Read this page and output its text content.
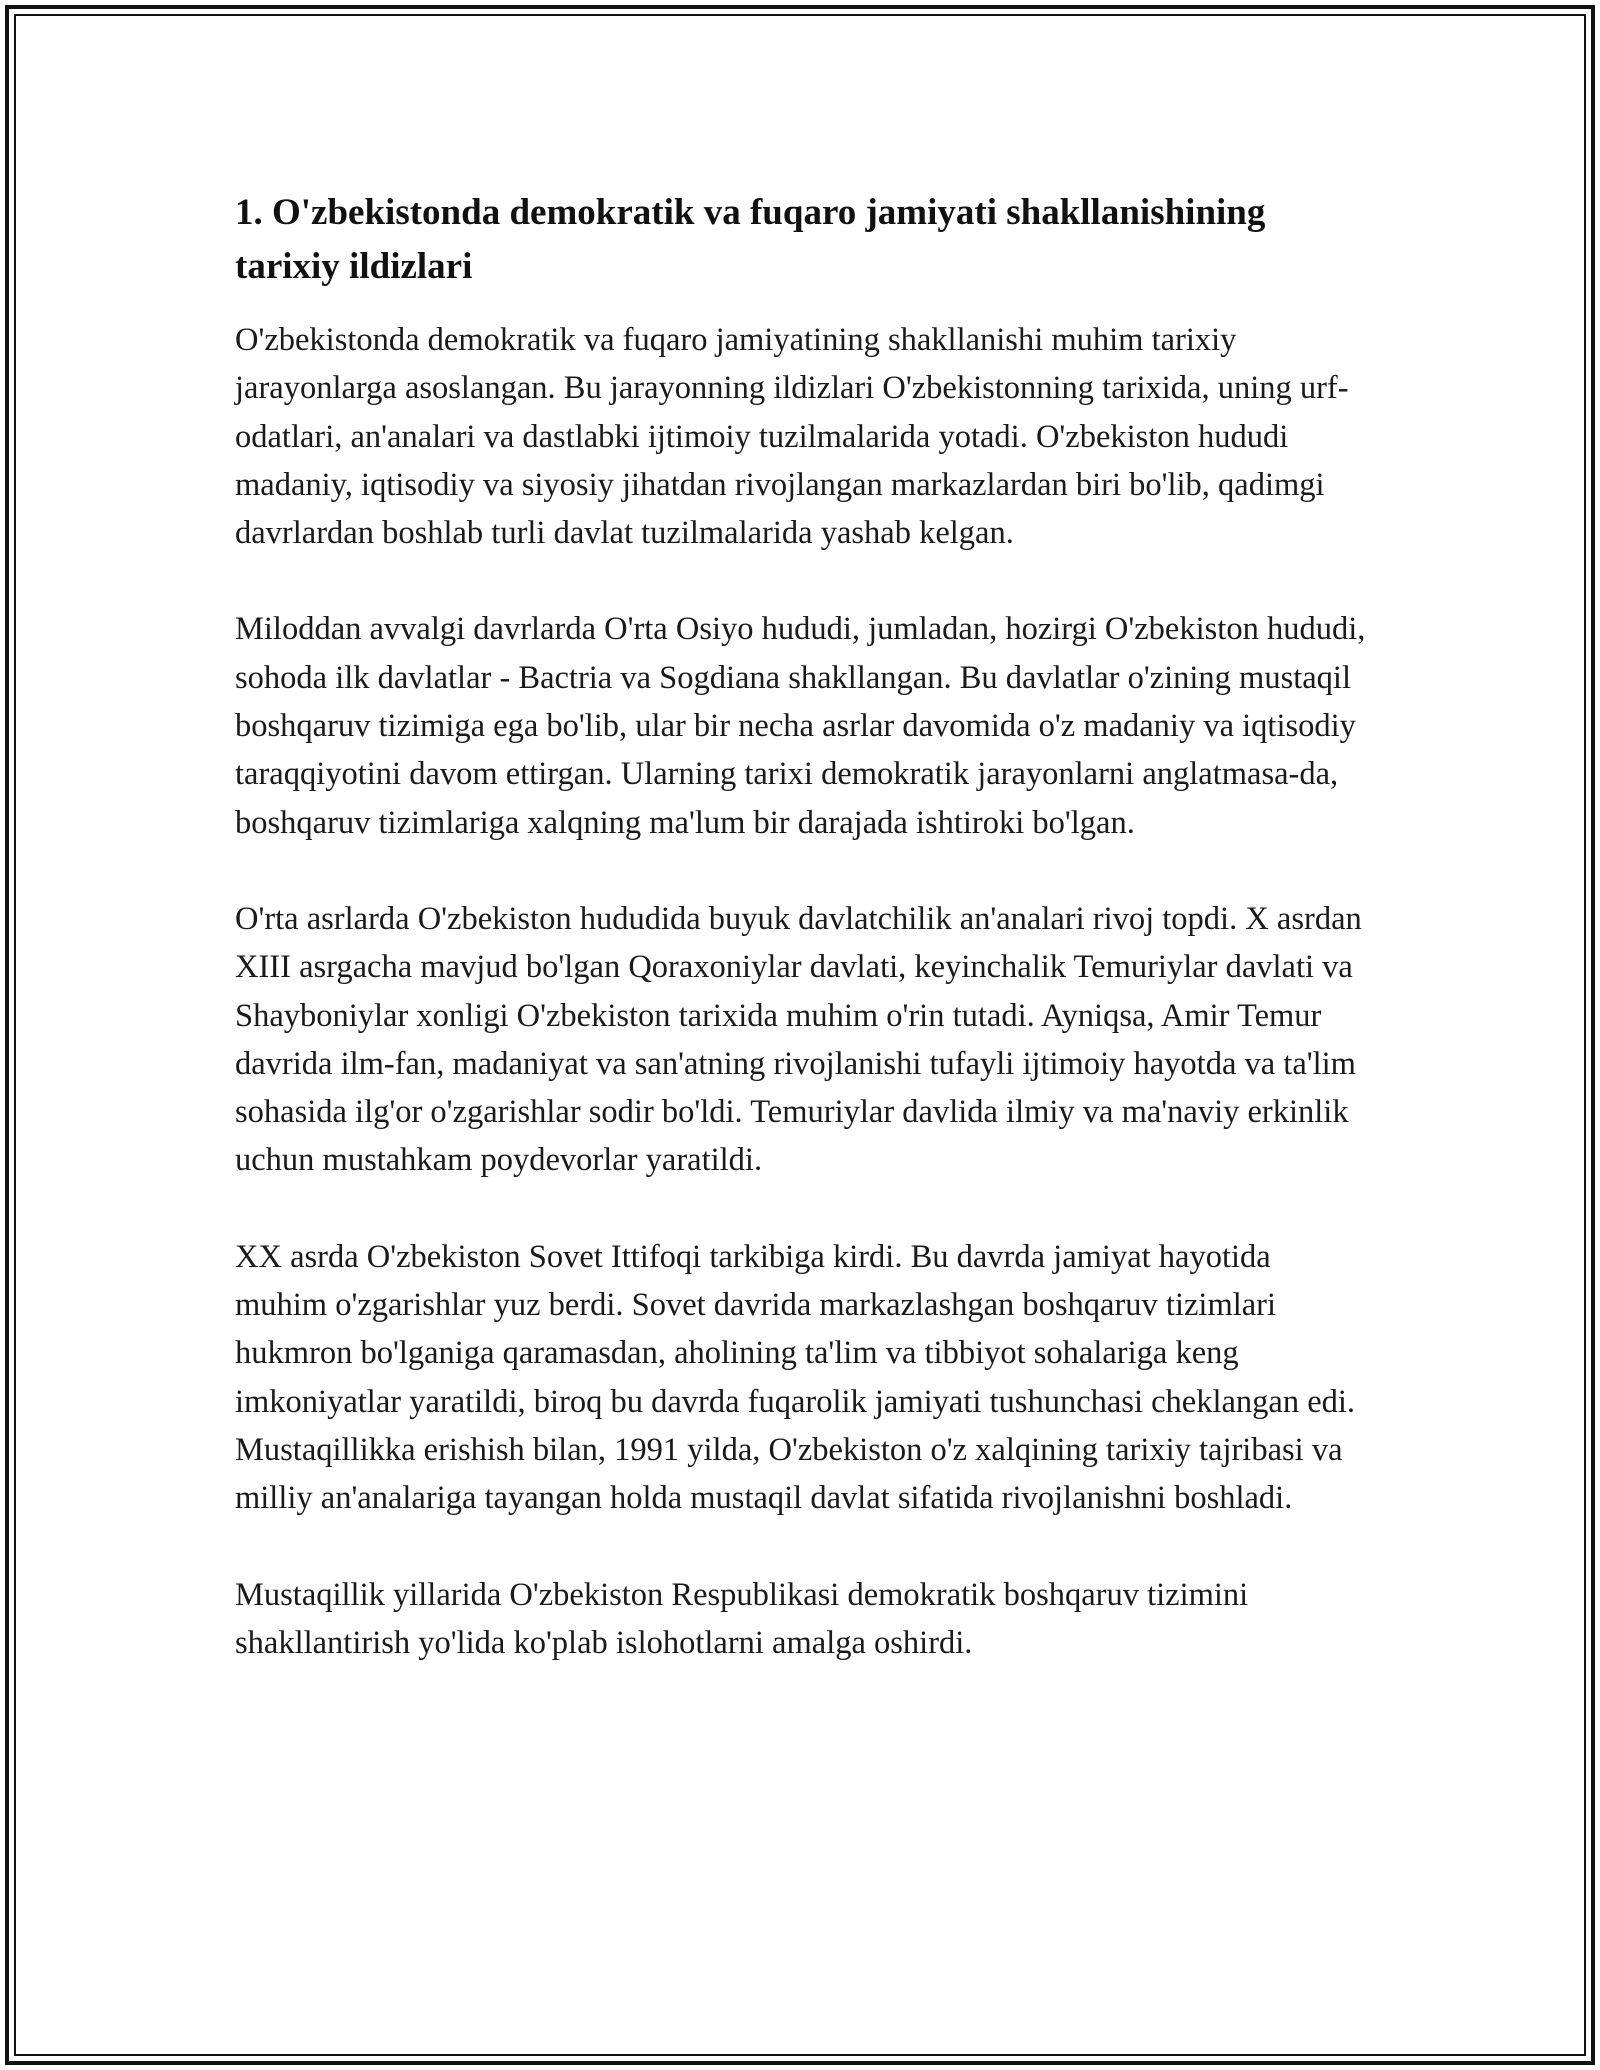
1. O'zbekistonda demokratik va fuqaro jamiyati shakllanishining tarixiy ildizlari

O'zbekistonda demokratik va fuqaro jamiyatining shakllanishi muhim tarixiy jarayonlarga asoslangan. Bu jarayonning ildizlari O'zbekistonning tarixida, uning urf-odatlari, an'analari va dastlabki ijtimoiy tuzilmalarida yotadi. O'zbekiston hududi madaniy, iqtisodiy va siyosiy jihatdan rivojlangan markazlardan biri bo'lib, qadimgi davrlardan boshlab turli davlat tuzilmalarida yashab kelgan.

Miloddan avvalgi davrlarda O'rta Osiyo hududi, jumladan, hozirgi O'zbekiston hududi, sohoda ilk davlatlar - Bactria va Sogdiana shakllangan. Bu davlatlar o'zining mustaqil boshqaruv tizimiga ega bo'lib, ular bir necha asrlar davomida o'z madaniy va iqtisodiy taraqqiyotini davom ettirgan. Ularning tarixi demokratik jarayonlarni anglatmasa-da, boshqaruv tizimlariga xalqning ma'lum bir darajada ishtiroki bo'lgan.

O'rta asrlarda O'zbekiston hududida buyuk davlatchilik an'analari rivoj topdi. X asrdan XIII asrgacha mavjud bo'lgan Qoraxoniylar davlati, keyinchalik Temuriylar davlati va Shayboniylar xonligi O'zbekiston tarixida muhim o'rin tutadi. Ayniqsa, Amir Temur davrida ilm-fan, madaniyat va san'atning rivojlanishi tufayli ijtimoiy hayotda va ta'lim sohasida ilg'or o'zgarishlar sodir bo'ldi. Temuriylar davlida ilmiy va ma'naviy erkinlik uchun mustahkam poydevorlar yaratildi.

XX asrda O'zbekiston Sovet Ittifoqi tarkibiga kirdi. Bu davrda jamiyat hayotida muhim o'zgarishlar yuz berdi. Sovet davrida markazlashgan boshqaruv tizimlari hukmron bo'lganiga qaramasdan, aholining ta'lim va tibbiyot sohalariga keng imkoniyatlar yaratildi, biroq bu davrda fuqarolik jamiyati tushunchasi cheklangan edi. Mustaqillikka erishish bilan, 1991 yilda, O'zbekiston o'z xalqining tarixiy tajribasi va milliy an'analariga tayangan holda mustaqil davlat sifatida rivojlanishni boshladi.

Mustaqillik yillarida O'zbekiston Respublikasi demokratik boshqaruv tizimini shakllantirish yo'lida ko'plab islohotlarni amalga oshirdi.
